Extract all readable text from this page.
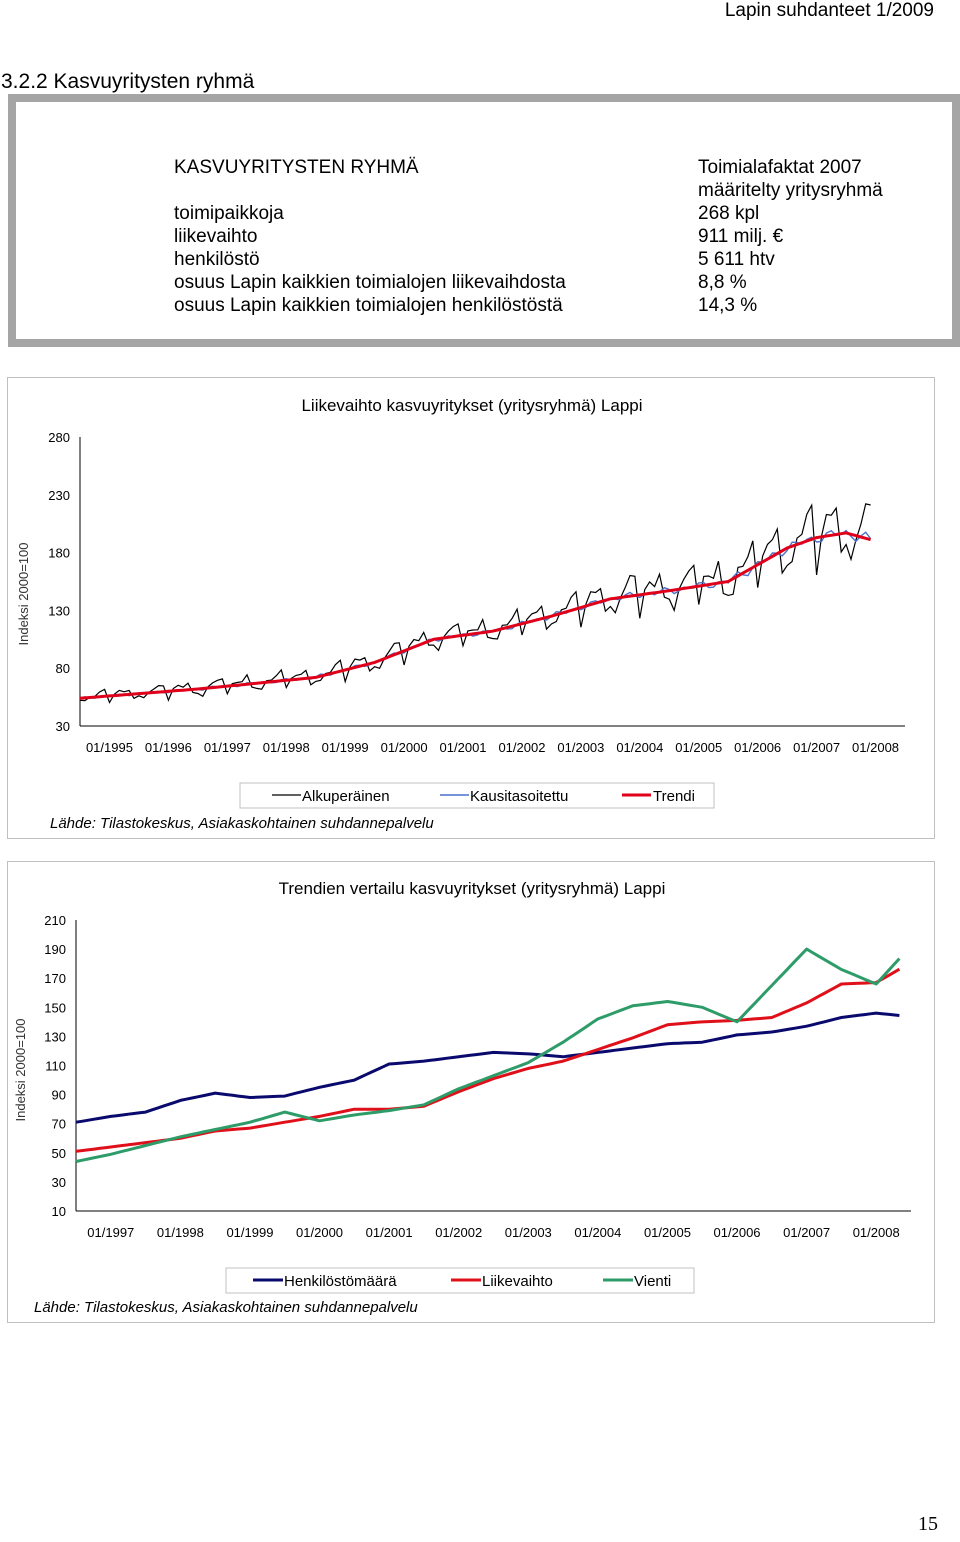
Lapin suhdanteet 1/2009
3.2.2 Kasvuyritysten ryhmä
KASVUYRITYSTEN RYHMÄ	Toimialafaktat 2007
määritelty yritysryhmä
toimipaikkoja	268 kpl
liikevaihto	911 milj. €
henkilöstö	5 611 htv
osuus Lapin kaikkien toimialojen liikevaihdosta	8,8 %
osuus Lapin kaikkien toimialojen henkilöstöstä	14,3 %
Liikevaihto kasvuyritykset (yritysryhmä) Lappi
Indeksi 2000=100
280
230
180
130
80
30
01/1995 01/1996 01/1997 01/1998 01/1999 01/2000 01/2001 01/2002 01/2003 01/2004 01/2005 01/2006 01/2007 01/2008
Alkuperäinen	Kausitasoitettu	Trendi
Lähde: Tilastokeskus, Asiakaskohtainen suhdannepalvelu
Trendien vertailu kasvuyritykset (yritysryhmä) Lappi
Indeksi 2000=100
210
190
170
150
130
110
90
70
50
30
10
01/1997 01/1998 01/1999 01/2000 01/2001 01/2002 01/2003 01/2004 01/2005 01/2006 01/2007 01/2008
Henkilöstömäärä	Liikevaihto	Vienti
Lähde: Tilastokeskus, Asiakaskohtainen suhdannepalvelu
15
